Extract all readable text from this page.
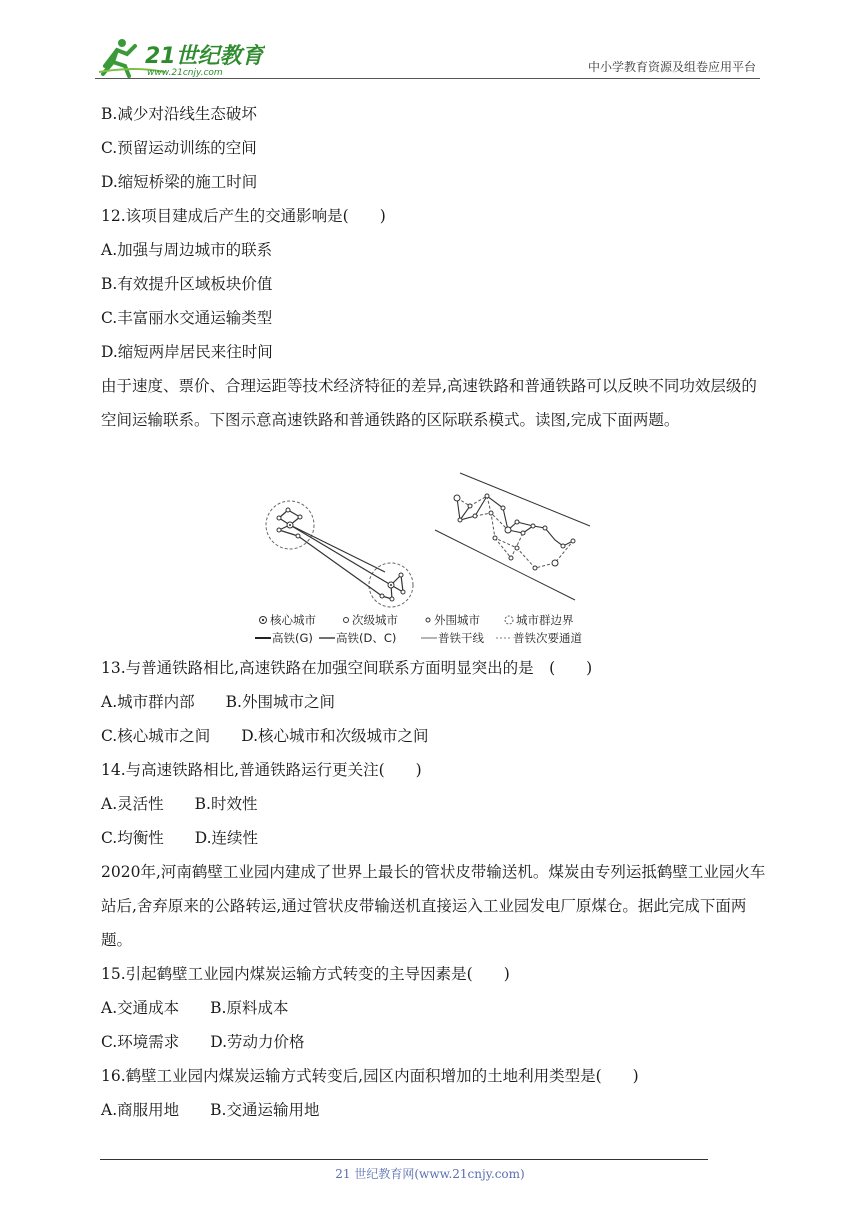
21世纪教育
www.21cnjy.com	中小学教育资源及组卷应用平台
B.减少对沿线生态破坏
C.预留运动训练的空间
D.缩短桥梁的施工时间
12.该项目建成后产生的交通影响是(　　)
A.加强与周边城市的联系
B.有效提升区域板块价值
C.丰富丽水交通运输类型
D.缩短两岸居民来往时间
由于速度、票价、合理运距等技术经济特征的差异,高速铁路和普通铁路可以反映不同功效层级的空间运输联系。下图示意高速铁路和普通铁路的区际联系模式。读图,完成下面两题。
核心城市	次级城市	外围城市	城市群边界
高铁(G) 高铁(D、C)	普铁干线	普铁次要通道
13.与普通铁路相比,高速铁路在加强空间联系方面明显突出的是　(　　)
A.城市群内部　　B.外围城市之间
C.核心城市之间　　D.核心城市和次级城市之间
14.与高速铁路相比,普通铁路运行更关注(　　)
A.灵活性　　B.时效性
C.均衡性　　D.连续性
2020年,河南鹤壁工业园内建成了世界上最长的管状皮带输送机。煤炭由专列运抵鹤壁工业园火车站后,舍弃原来的公路转运,通过管状皮带输送机直接运入工业园发电厂原煤仓。据此完成下面两题。
15.引起鹤壁工业园内煤炭运输方式转变的主导因素是(　　)
A.交通成本　　B.原料成本
C.环境需求　　D.劳动力价格
16.鹤壁工业园内煤炭运输方式转变后,园区内面积增加的土地利用类型是(　　)
A.商服用地　　B.交通运输用地
21 世纪教育网(www.21cnjy.com)
